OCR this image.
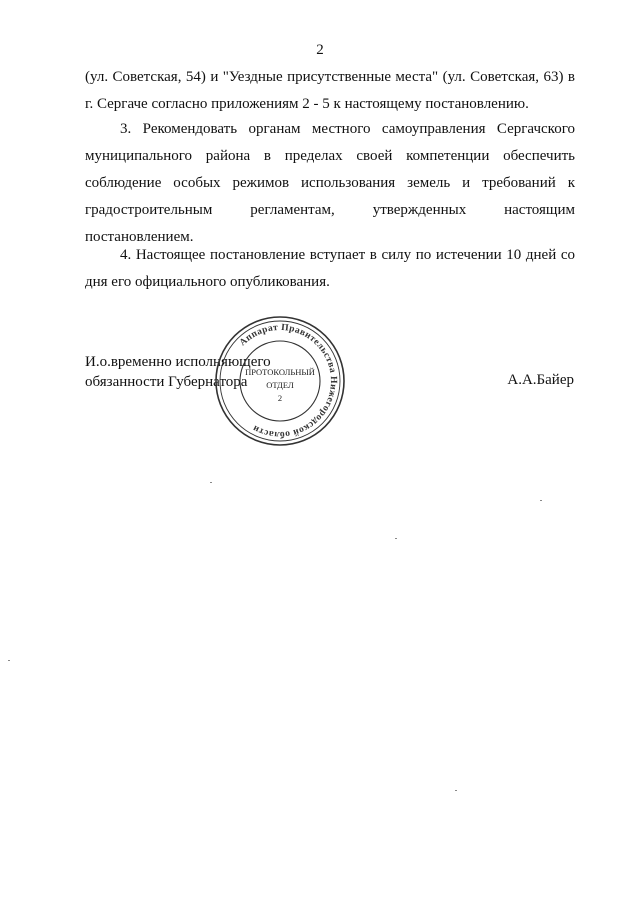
2

(ул. Советская, 54) и "Уездные присутственные места" (ул. Советская, 63) в г. Сергаче согласно приложениям 2 - 5 к настоящему постановлению.

3. Рекомендовать органам местного самоуправления Сергачского муниципального района в пределах своей компетенции обеспечить соблюдение особых режимов использования земель и требований к градостроительным регламентам, утвержденных настоящим постановлением.

4. Настоящее постановление вступает в силу по истечении 10 дней со дня его официального опубликования.

И.о.временно исполняющего
обязанности Губернатора	А.А.Байер
Аппарат Правительства Нижегородской области
ПРОТОКОЛЬНЫЙ
ОТДЕЛ
2
